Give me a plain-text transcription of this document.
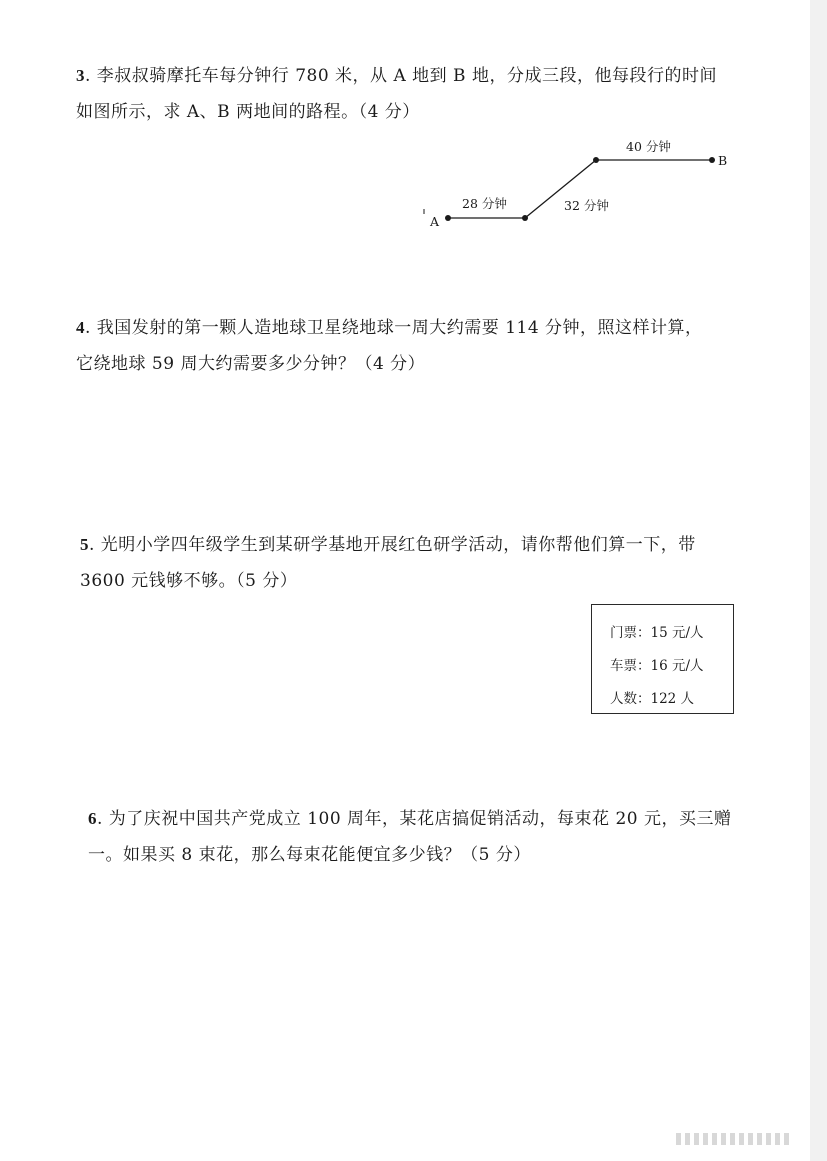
3. 李叔叔骑摩托车每分钟行 780 米，从 A 地到 B 地，分成三段，他每段行的时间
如图所示，求 A、B 两地间的路程。（4 分）
A
B
28 分钟	32 分钟
40 分钟
4. 我国发射的第一颗人造地球卫星绕地球一周大约需要 114 分钟，照这样计算，
它绕地球 59 周大约需要多少分钟？（4 分）
5. 光明小学四年级学生到某研学基地开展红色研学活动，请你帮他们算一下，带
3600 元钱够不够。（5 分）
门票：15 元/人
车票：16 元/人
人数：122 人
6. 为了庆祝中国共产党成立 100 周年，某花店搞促销活动，每束花 20 元，买三赠
一。如果买 8 束花，那么每束花能便宜多少钱？（5 分）
